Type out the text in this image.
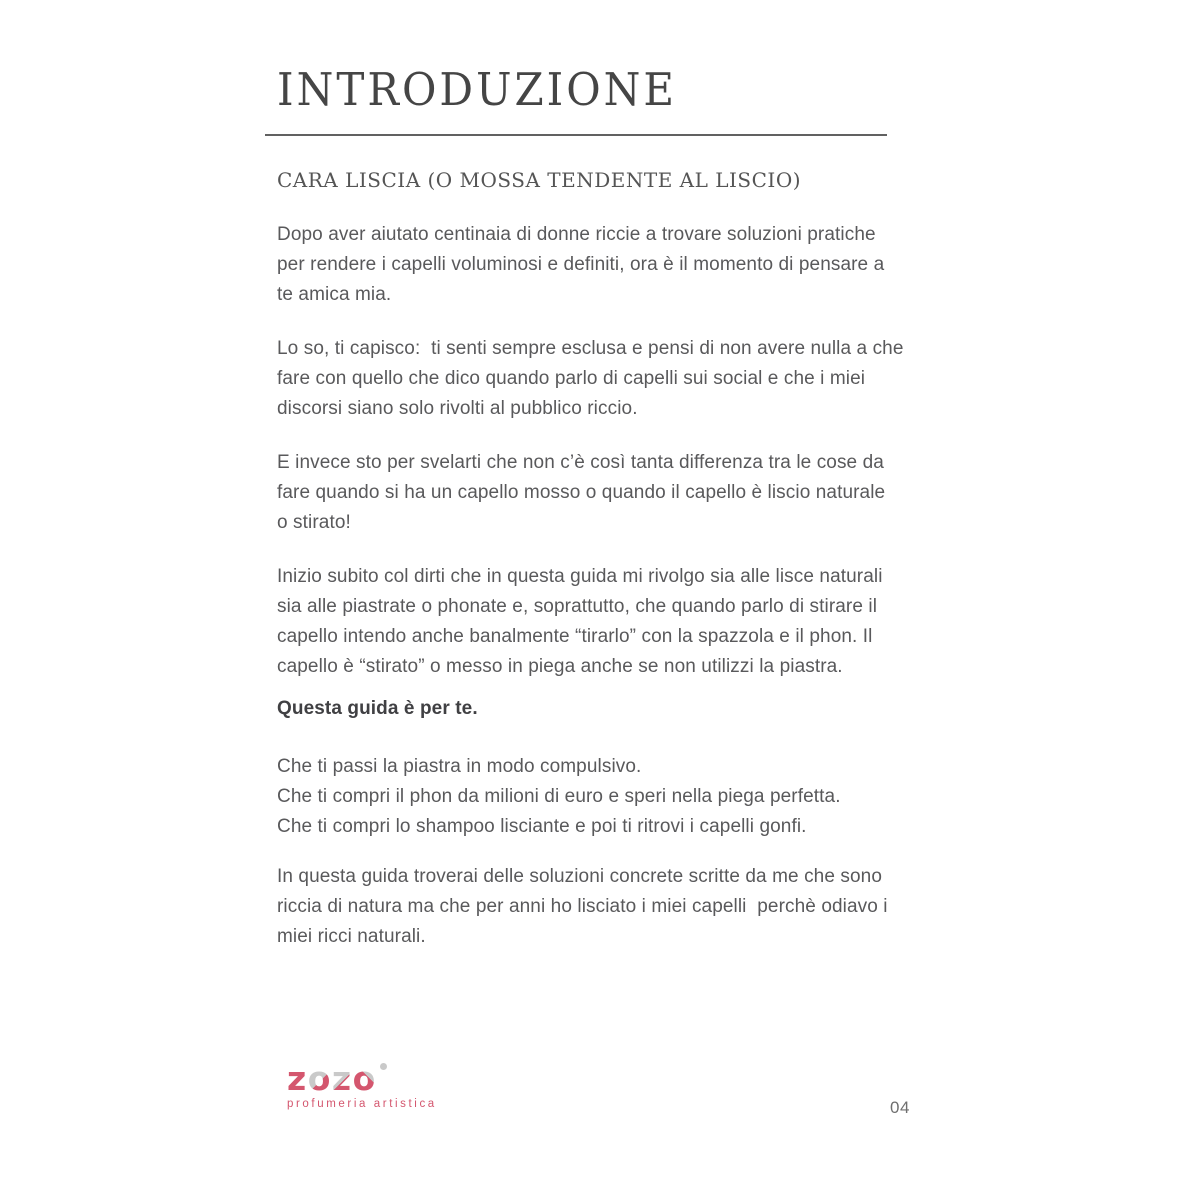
INTRODUZIONE
CARA LISCIA (O MOSSA TENDENTE AL LISCIO)
Dopo aver aiutato centinaia di donne riccie a trovare soluzioni pratiche
per rendere i capelli voluminosi e definiti, ora è il momento di pensare a
te amica mia.
Lo so, ti capisco:  ti senti sempre esclusa e pensi di non avere nulla a che
fare con quello che dico quando parlo di capelli sui social e che i miei
discorsi siano solo rivolti al pubblico riccio.
E invece sto per svelarti che non c’è così tanta differenza tra le cose da
fare quando si ha un capello mosso o quando il capello è liscio naturale
o stirato!
Inizio subito col dirti che in questa guida mi rivolgo sia alle lisce naturali
sia alle piastrate o phonate e, soprattutto, che quando parlo di stirare il
capello intendo anche banalmente “tirarlo” con la spazzola e il phon. Il
capello è “stirato” o messo in piega anche se non utilizzi la piastra.
Questa guida è per te.
Che ti passi la piastra in modo compulsivo.
Che ti compri il phon da milioni di euro e speri nella piega perfetta.
Che ti compri lo shampoo lisciante e poi ti ritrovi i capelli gonfi.
In questa guida troverai delle soluzioni concrete scritte da me che sono
riccia di natura ma che per anni ho lisciato i miei capelli  perchè odiavo i
miei ricci naturali.
zozo
profumeria artistica	04
